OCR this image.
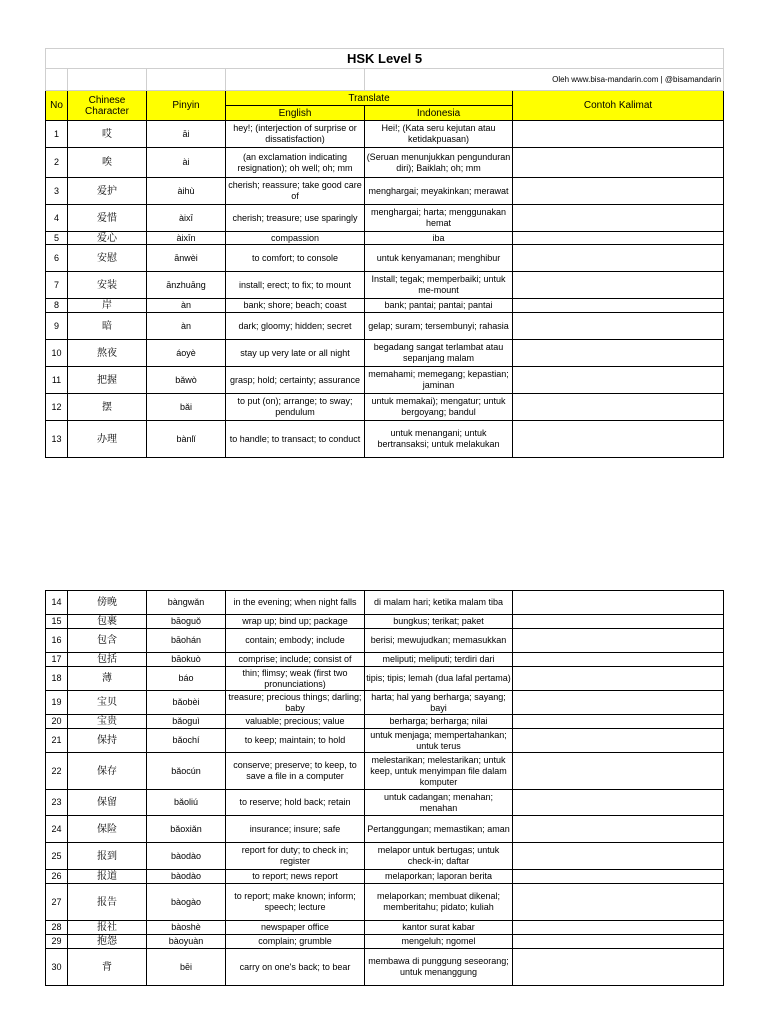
HSK Level 5					
				Oleh www.bisa-mandarin.com | @bisamandarin	
No	Chinese Character	Pinyin	Translate		Contoh Kalimat
			English	Indonesia	
1	哎	āi	hey!; (interjection of surprise or dissatisfaction)	Hei!; (Kata seru kejutan atau ketidakpuasan)	
2	唉	ài	(an exclamation indicating resignation); oh well; oh; mm	(Seruan menunjukkan pengunduran diri); Baiklah; oh; mm	
3	爱护	àihù	cherish; reassure; take good care of	menghargai; meyakinkan; merawat	
4	爱惜	àixī	cherish; treasure; use sparingly	menghargai; harta; menggunakan hemat	
5	爱心	àixīn	compassion	iba	
6	安慰	ānwèi	to comfort; to console	untuk kenyamanan; menghibur	
7	安装	ānzhuāng	install; erect; to fix; to mount	Install; tegak; memperbaiki; untuk me-mount	
8	岸	àn	bank; shore; beach; coast	bank; pantai; pantai; pantai	
9	暗	àn	dark; gloomy; hidden; secret	gelap; suram; tersembunyi; rahasia	
10	熬夜	áoyè	stay up very late or all night	begadang sangat terlambat atau sepanjang malam	
11	把握	bǎwò	grasp; hold; certainty; assurance	memahami; memegang; kepastian; jaminan	
12	摆	bǎi	to put (on); arrange; to sway; pendulum	untuk memakai); mengatur; untuk bergoyang; bandul	
13	办理	bànlǐ	to handle; to transact; to conduct	untuk menangani; untuk bertransaksi; untuk melakukan	
14	傍晚	bàngwǎn	in the evening; when night falls	di malam hari; ketika malam tiba	
15	包裹	bāoguǒ	wrap up; bind up; package	bungkus; terikat; paket	
16	包含	bāohán	contain; embody; include	berisi; mewujudkan; memasukkan	
17	包括	bāokuò	comprise; include; consist of	meliputi; meliputi; terdiri dari	
18	薄	báo	thin; flimsy; weak (first two pronunciations)	tipis; tipis; lemah (dua lafal pertama)	
19	宝贝	bǎobèi	treasure; precious things; darling; baby	harta; hal yang berharga; sayang; bayi	
20	宝贵	bǎoguì	valuable; precious; value	berharga; berharga; nilai	
21	保持	bǎochí	to keep; maintain; to hold	untuk menjaga; mempertahankan; untuk terus	
22	保存	bǎocún	conserve; preserve; to keep, to save a file in a computer	melestarikan; melestarikan; untuk keep, untuk menyimpan file dalam komputer	
23	保留	bǎoliú	to reserve; hold back; retain	untuk cadangan; menahan; menahan	
24	保险	bǎoxiǎn	insurance; insure; safe	Pertanggungan; memastikan; aman	
25	报到	bàodào	report for duty; to check in; register	melapor untuk bertugas; untuk check-in; daftar	
26	报道	bàodào	to report; news report	melaporkan; laporan berita	
27	报告	bàogào	to report; make known; inform; speech; lecture	melaporkan; membuat dikenal; memberitahu; pidato; kuliah	
28	报社	bàoshè	newspaper office	kantor surat kabar	
29	抱怨	bàoyuàn	complain; grumble	mengeluh; ngomel	
30	背	bēi	carry on one's back; to bear	membawa di punggung seseorang; untuk menanggung	
